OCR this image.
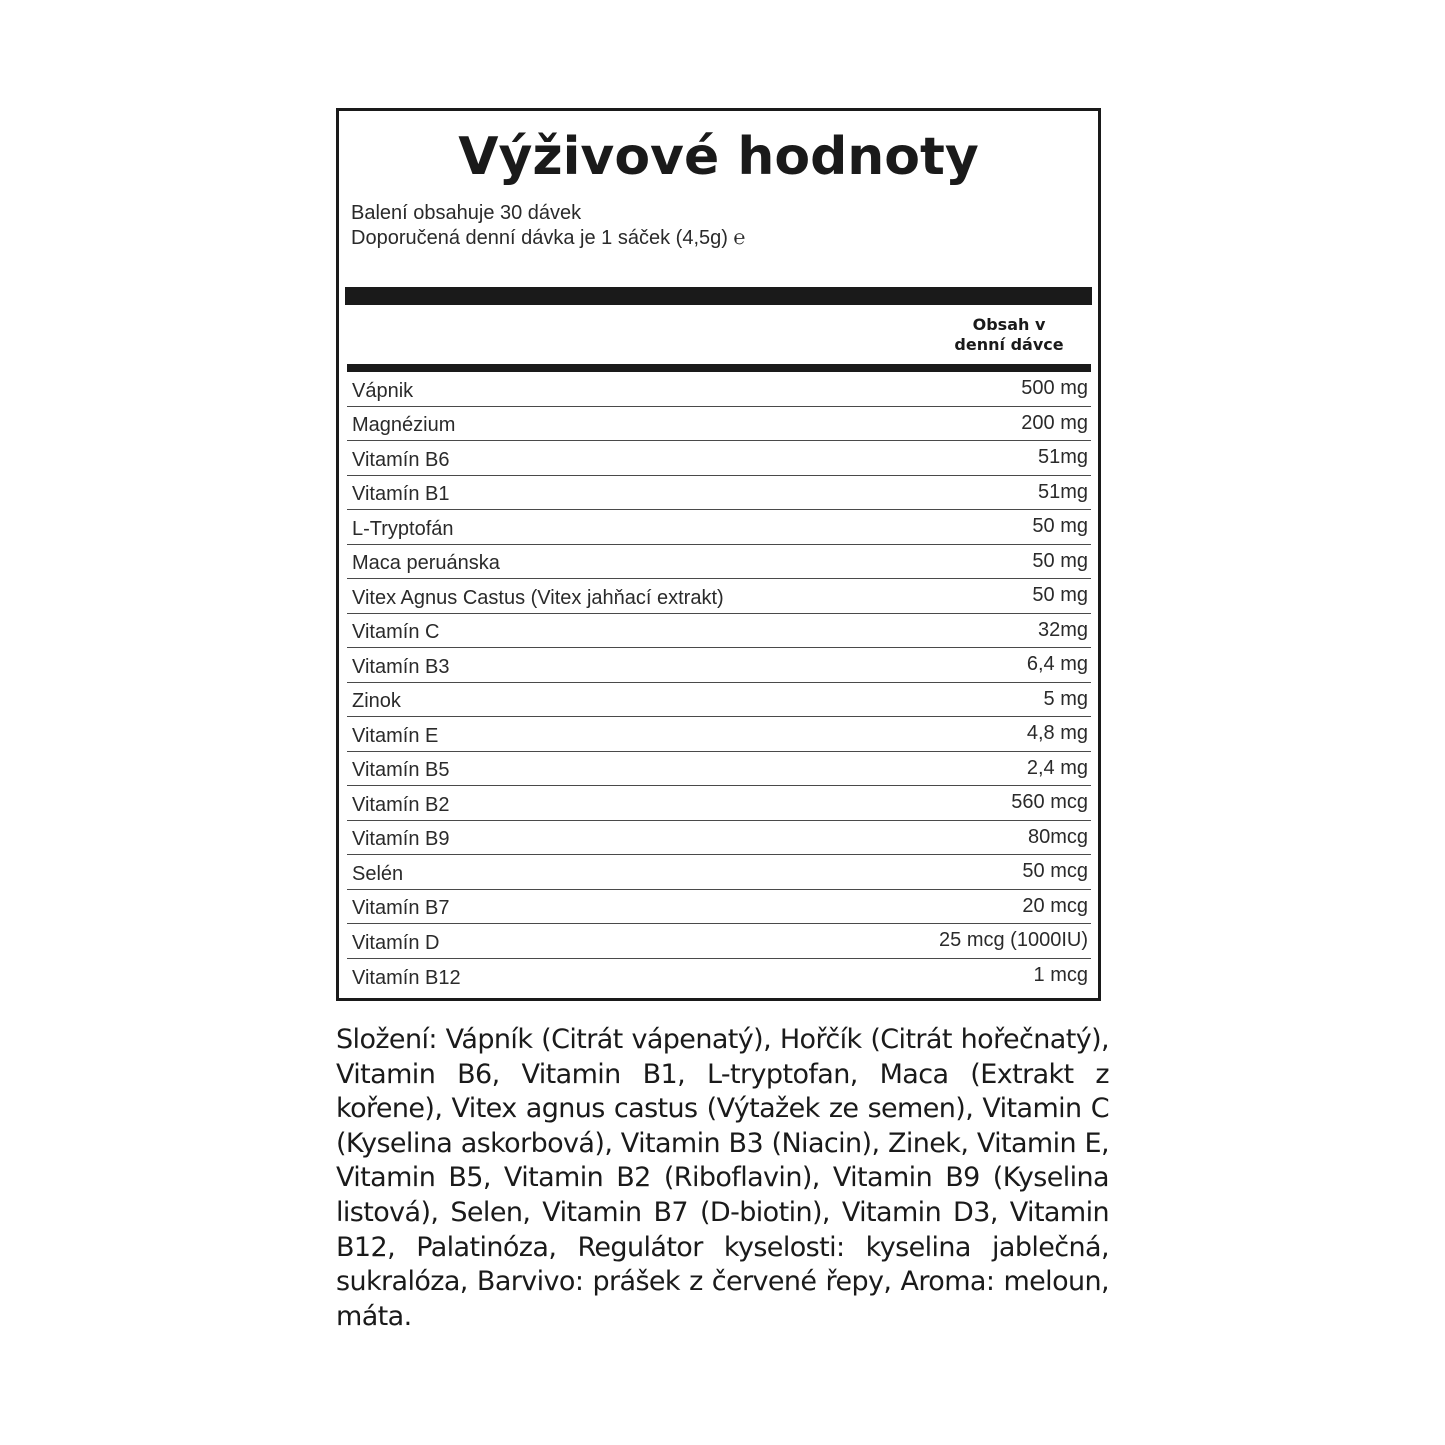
Výživové hodnoty
Balení obsahuje 30 dávek
Doporučená denní dávka je 1 sáček (4,5g) ℮
Obsah v
denní dávce
Vápnik	500 mg
Magnézium	200 mg
Vitamín B6	51mg
Vitamín B1	51mg
L-Tryptofán	50 mg
Maca peruánska	50 mg
Vitex Agnus Castus (Vitex jahňací extrakt)	50 mg
Vitamín C	32mg
Vitamín B3	6,4 mg
Zinok	5 mg
Vitamín E	4,8 mg
Vitamín B5	2,4 mg
Vitamín B2	560 mcg
Vitamín B9	80mcg
Selén	50 mcg
Vitamín B7	20 mcg
Vitamín D	25 mcg (1000IU)
Vitamín B12	1 mcg
Složení: Vápník (Citrát vápenatý), Hořčík (Citrát hořečnatý), Vitamin B6, Vitamin B1, L-tryptofan, Maca (Extrakt z kořene), Vitex agnus castus (Výtažek ze semen), Vitamin C (Kyselina askorbová), Vitamin B3 (Niacin), Zinek, Vitamin E, Vitamin B5, Vitamin B2 (Riboflavin), Vitamin B9 (Kyselina listová), Selen, Vitamin B7 (D-biotin), Vitamin D3, Vitamin B12, Palatinóza, Regulátor kyselosti: kyselina jablečná, sukralóza, Barvivo: prášek z červené řepy, Aroma: meloun, máta.
